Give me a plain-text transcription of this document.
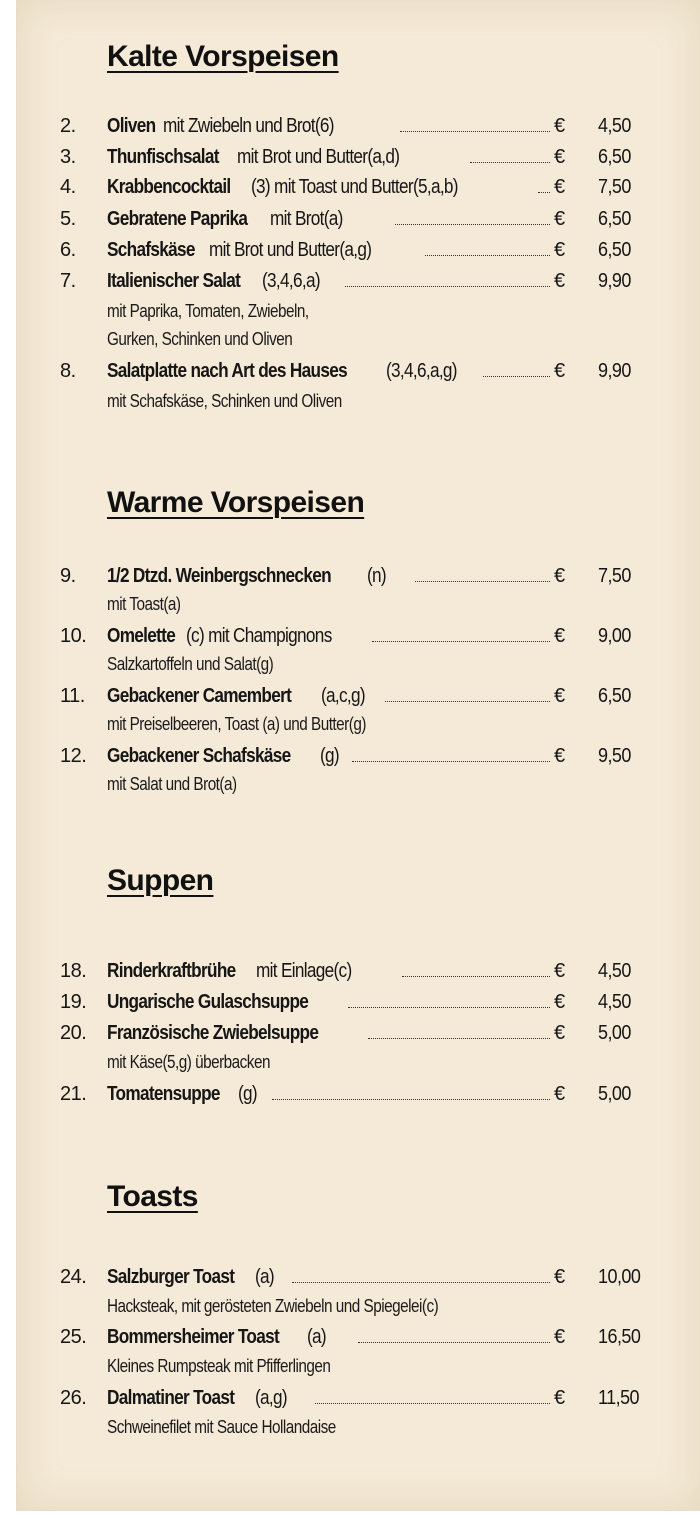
Kalte Vorspeisen
2. Oliven mit Zwiebeln und Brot(6)	€ 4,50
3. Thunfischsalat mit Brot und Butter(a,d)	€ 6,50
4. Krabbencocktail (3) mit Toast und Butter(5,a,b)	€ 7,50
5. Gebratene Paprika mit Brot(a)	€ 6,50
6. Schafskäse mit Brot und Butter(a,g)	€ 6,50
7. Italienischer Salat (3,4,6,a)	€ 9,90
mit Paprika, Tomaten, Zwiebeln,
Gurken, Schinken und Oliven
8. Salatplatte nach Art des Hauses (3,4,6,a,g)	€ 9,90
mit Schafskäse, Schinken und Oliven
Warme Vorspeisen
9. 1/2 Dtzd. Weinbergschnecken (n)	€ 7,50
mit Toast(a)
10. Omelette (c) mit Champignons	€ 9,00
Salzkartoffeln und Salat(g)
11. Gebackener Camembert (a,c,g)	€ 6,50
mit Preiselbeeren, Toast (a) und Butter(g)
12. Gebackener Schafskäse (g)	€ 9,50
mit Salat und Brot(a)
Suppen
18. Rinderkraftbrühe mit Einlage(c)	€ 4,50
19. Ungarische Gulaschsuppe	€ 4,50
20. Französische Zwiebelsuppe	€ 5,00
mit Käse(5,g) überbacken
21. Tomatensuppe (g)	€ 5,00
Toasts
24. Salzburger Toast (a)	€ 10,00
Hacksteak, mit gerösteten Zwiebeln und Spiegelei(c)
25. Bommersheimer Toast (a)	€ 16,50
Kleines Rumpsteak mit Pfifferlingen
26. Dalmatiner Toast (a,g)	€ 11,50
Schweinefilet mit Sauce Hollandaise
